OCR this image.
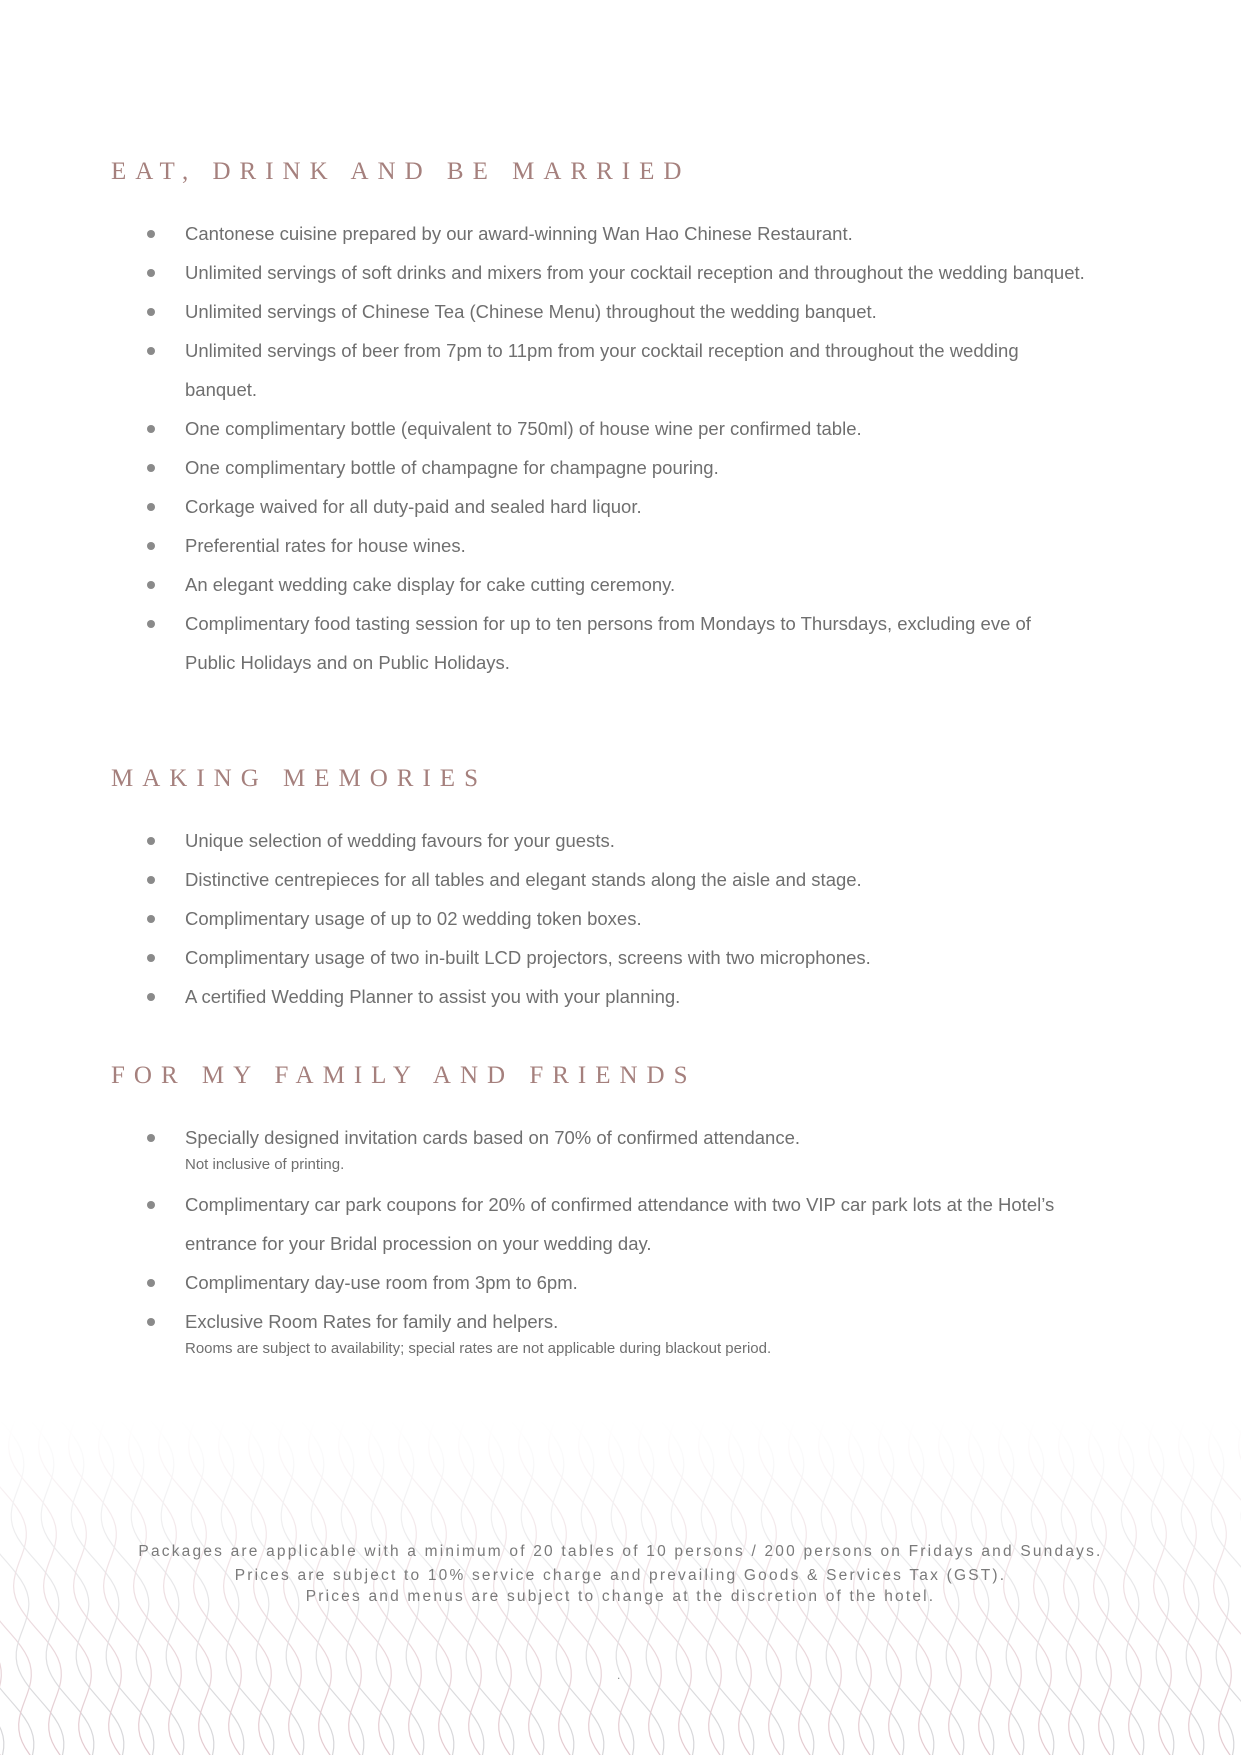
EAT, DRINK AND BE MARRIED
Cantonese cuisine prepared by our award-winning Wan Hao Chinese Restaurant.
Unlimited servings of soft drinks and mixers from your cocktail reception and throughout the wedding banquet.
Unlimited servings of Chinese Tea (Chinese Menu) throughout the wedding banquet.
Unlimited servings of beer from 7pm to 11pm from your cocktail reception and throughout the wedding banquet.
One complimentary bottle (equivalent to 750ml) of house wine per confirmed table.
One complimentary bottle of champagne for champagne pouring.
Corkage waived for all duty-paid and sealed hard liquor.
Preferential rates for house wines.
An elegant wedding cake display for cake cutting ceremony.
Complimentary food tasting session for up to ten persons from Mondays to Thursdays, excluding eve of Public Holidays and on Public Holidays.
MAKING MEMORIES
Unique selection of wedding favours for your guests.
Distinctive centrepieces for all tables and elegant stands along the aisle and stage.
Complimentary usage of up to 02 wedding token boxes.
Complimentary usage of two in-built LCD projectors, screens with two microphones.
A certified Wedding Planner to assist you with your planning.
FOR MY FAMILY AND FRIENDS
Specially designed invitation cards based on 70% of confirmed attendance.
Not inclusive of printing.
Complimentary car park coupons for 20% of confirmed attendance with two VIP car park lots at the Hotel’s entrance for your Bridal procession on your wedding day.
Complimentary day-use room from 3pm to 6pm.
Exclusive Room Rates for family and helpers.
Rooms are subject to availability; special rates are not applicable during blackout period.
Packages are applicable with a minimum of 20 tables of 10 persons / 200 persons on Fridays and Sundays.
Prices are subject to 10% service charge and prevailing Goods & Services Tax (GST).
Prices and menus are subject to change at the discretion of the hotel.
.
